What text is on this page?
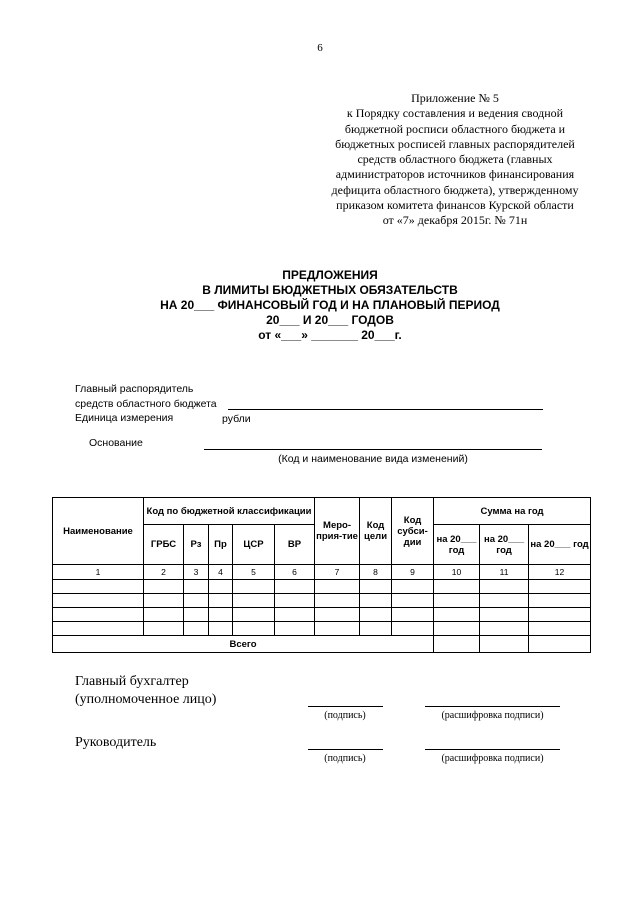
6
Приложение № 5
к Порядку составления и ведения сводной
бюджетной росписи областного бюджета и
бюджетных росписей главных распорядителей
средств областного бюджета (главных
администраторов источников финансирования
дефицита областного бюджета), утвержденному
приказом комитета финансов Курской области
от «7» декабря 2015г. № 71н
ПРЕДЛОЖЕНИЯ
В ЛИМИТЫ БЮДЖЕТНЫХ ОБЯЗАТЕЛЬСТВ
НА 20___ ФИНАНСОВЫЙ ГОД И НА ПЛАНОВЫЙ ПЕРИОД
20___ И 20___ ГОДОВ
от «___» _______ 20___г.
Главный распорядитель
средств областного бюджета
Единица измерения	рубли
Основание
(Код и наименование вида изменений)
Наименование	Код по бюджетной классификации					Меро-прия-тие	Код цели	Код субси-дии	Сумма на год		
	ГРБС	Рз	Пр	ЦСР	ВР				на 20___ год	на 20___ год	на 20___ год
1	2	3	4	5	6	7	8	9	10	11	12

Всего											
Главный бухгалтер
(уполномоченное лицо)
(подпись)	(расшифровка подписи)
Руководитель
(подпись)	(расшифровка подписи)
